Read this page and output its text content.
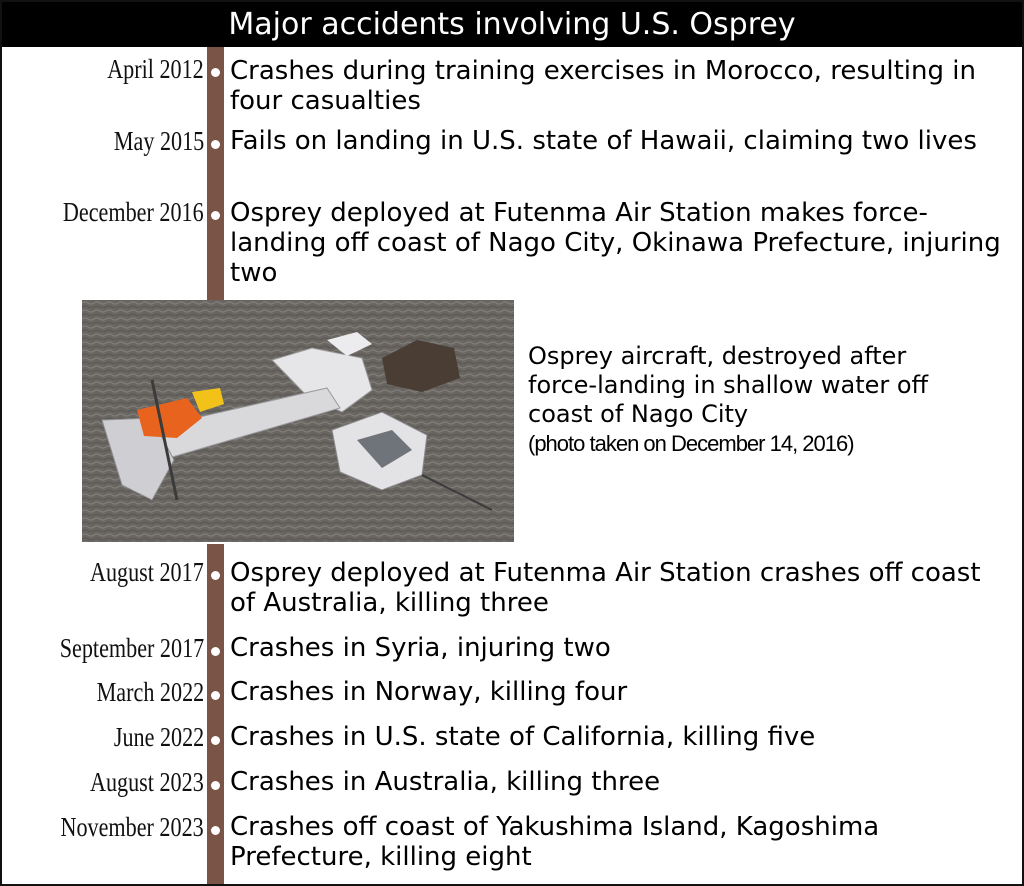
Major accidents involving U.S. Osprey
April 2012 Crashes during training exercises in Morocco, resulting in four casualties
May 2015 Fails on landing in U.S. state of Hawaii, claiming two lives
December 2016 Osprey deployed at Futenma Air Station makes force-landing off coast of Nago City, Okinawa Prefecture, injuring two
Osprey aircraft, destroyed after force-landing in shallow water off coast of Nago City
(photo taken on December 14, 2016)
August 2017 Osprey deployed at Futenma Air Station crashes off coast of Australia, killing three
September 2017 Crashes in Syria, injuring two
March 2022 Crashes in Norway, killing four
June 2022 Crashes in U.S. state of California, killing five
August 2023 Crashes in Australia, killing three
November 2023 Crashes off coast of Yakushima Island, Kagoshima Prefecture, killing eight
